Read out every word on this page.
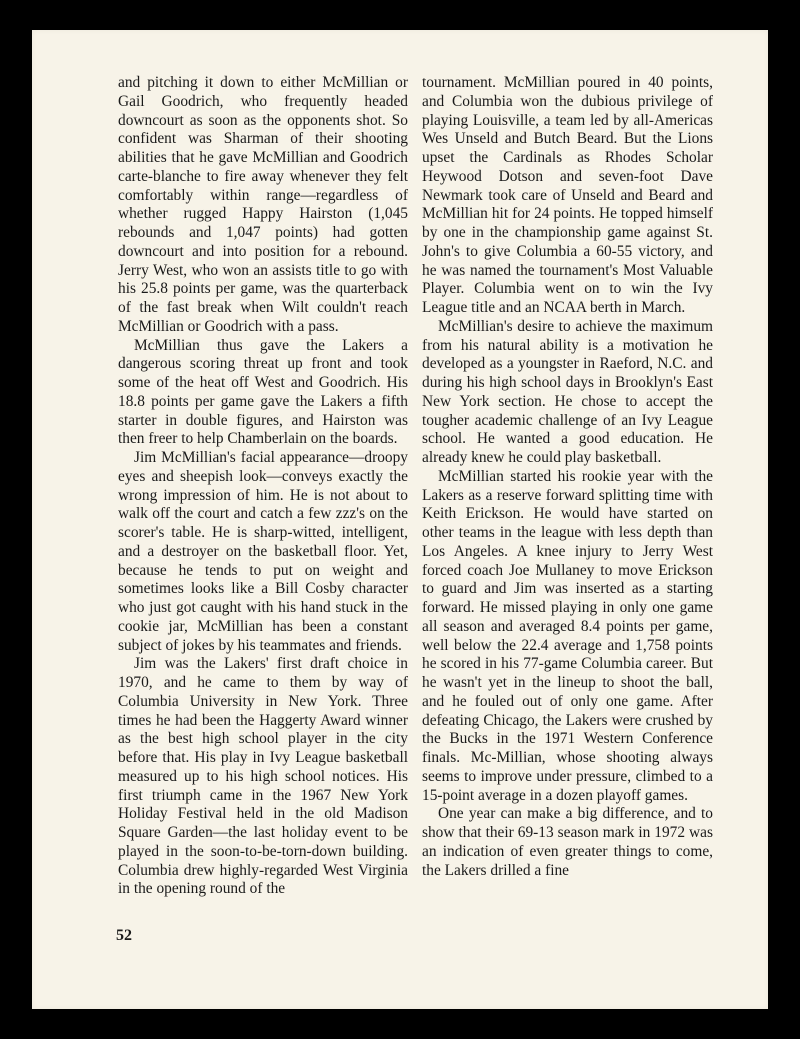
and pitching it down to either McMillian or Gail Goodrich, who frequently headed downcourt as soon as the opponents shot. So confident was Sharman of their shooting abilities that he gave McMillian and Goodrich carte-blanche to fire away whenever they felt comfortably within range—regardless of whether rugged Happy Hairston (1,045 rebounds and 1,047 points) had gotten downcourt and into position for a rebound. Jerry West, who won an assists title to go with his 25.8 points per game, was the quarterback of the fast break when Wilt couldn't reach McMillian or Goodrich with a pass.

McMillian thus gave the Lakers a dangerous scoring threat up front and took some of the heat off West and Goodrich. His 18.8 points per game gave the Lakers a fifth starter in double figures, and Hairston was then freer to help Chamberlain on the boards.

Jim McMillian's facial appearance—droopy eyes and sheepish look—conveys exactly the wrong impression of him. He is not about to walk off the court and catch a few zzz's on the scorer's table. He is sharp-witted, intelligent, and a destroyer on the basketball floor. Yet, because he tends to put on weight and sometimes looks like a Bill Cosby character who just got caught with his hand stuck in the cookie jar, McMillian has been a constant subject of jokes by his teammates and friends.

Jim was the Lakers' first draft choice in 1970, and he came to them by way of Columbia University in New York. Three times he had been the Haggerty Award winner as the best high school player in the city before that. His play in Ivy League basketball measured up to his high school notices. His first triumph came in the 1967 New York Holiday Festival held in the old Madison Square Garden—the last holiday event to be played in the soon-to-be-torn-down building. Columbia drew highly-regarded West Virginia in the opening round of the

tournament. McMillian poured in 40 points, and Columbia won the dubious privilege of playing Louisville, a team led by all-Americas Wes Unseld and Butch Beard. But the Lions upset the Cardinals as Rhodes Scholar Heywood Dotson and seven-foot Dave Newmark took care of Unseld and Beard and McMillian hit for 24 points. He topped himself by one in the championship game against St. John's to give Columbia a 60-55 victory, and he was named the tournament's Most Valuable Player. Columbia went on to win the Ivy League title and an NCAA berth in March.

McMillian's desire to achieve the maximum from his natural ability is a motivation he developed as a youngster in Raeford, N.C. and during his high school days in Brooklyn's East New York section. He chose to accept the tougher academic challenge of an Ivy League school. He wanted a good education. He already knew he could play basketball.

McMillian started his rookie year with the Lakers as a reserve forward splitting time with Keith Erickson. He would have started on other teams in the league with less depth than Los Angeles. A knee injury to Jerry West forced coach Joe Mullaney to move Erickson to guard and Jim was inserted as a starting forward. He missed playing in only one game all season and averaged 8.4 points per game, well below the 22.4 average and 1,758 points he scored in his 77-game Columbia career. But he wasn't yet in the lineup to shoot the ball, and he fouled out of only one game. After defeating Chicago, the Lakers were crushed by the Bucks in the 1971 Western Conference finals. Mc-Millian, whose shooting always seems to improve under pressure, climbed to a 15-point average in a dozen playoff games.

One year can make a big difference, and to show that their 69-13 season mark in 1972 was an indication of even greater things to come, the Lakers drilled a fine

52
